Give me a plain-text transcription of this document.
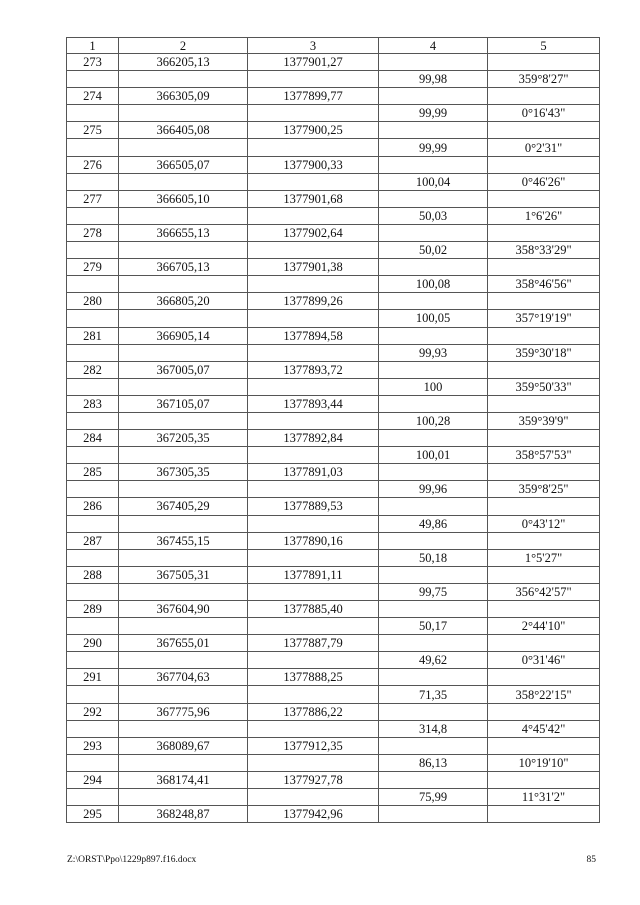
1	2	3	4	5
273	366205,13	1377901,27		
			99,98	359°8'27"
274	366305,09	1377899,77		
			99,99	0°16'43"
275	366405,08	1377900,25		
			99,99	0°2'31"
276	366505,07	1377900,33		
			100,04	0°46'26"
277	366605,10	1377901,68		
			50,03	1°6'26"
278	366655,13	1377902,64		
			50,02	358°33'29"
279	366705,13	1377901,38		
			100,08	358°46'56"
280	366805,20	1377899,26		
			100,05	357°19'19"
281	366905,14	1377894,58		
			99,93	359°30'18"
282	367005,07	1377893,72		
			100	359°50'33"
283	367105,07	1377893,44		
			100,28	359°39'9"
284	367205,35	1377892,84		
			100,01	358°57'53"
285	367305,35	1377891,03		
			99,96	359°8'25"
286	367405,29	1377889,53		
			49,86	0°43'12"
287	367455,15	1377890,16		
			50,18	1°5'27"
288	367505,31	1377891,11		
			99,75	356°42'57"
289	367604,90	1377885,40		
			50,17	2°44'10"
290	367655,01	1377887,79		
			49,62	0°31'46"
291	367704,63	1377888,25		
			71,35	358°22'15"
292	367775,96	1377886,22		
			314,8	4°45'42"
293	368089,67	1377912,35		
			86,13	10°19'10"
294	368174,41	1377927,78		
			75,99	11°31'2"
295	368248,87	1377942,96		
Z:\ORST\Ppo\1229p897.f16.docx	85
